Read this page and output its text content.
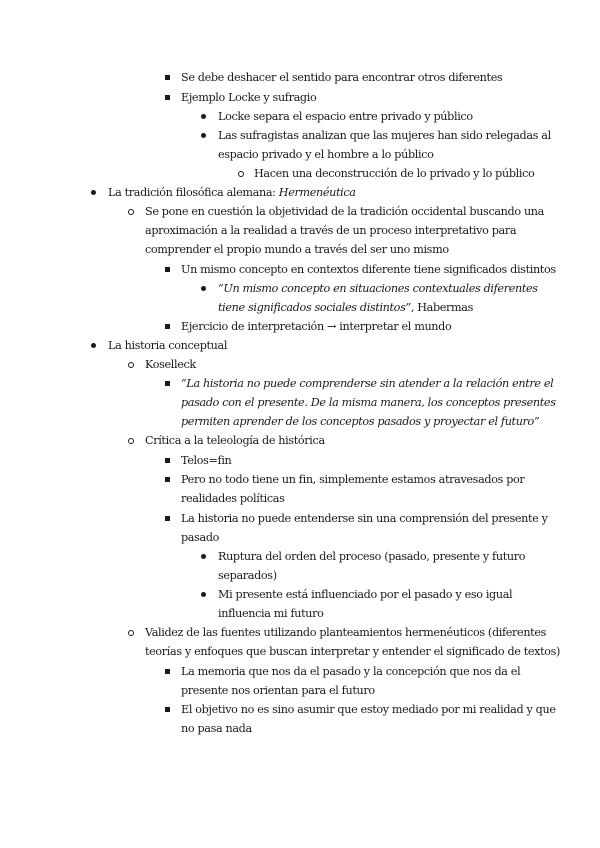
Se debe deshacer el sentido para encontrar otros diferentes
Ejemplo Locke y sufragio
Locke separa el espacio entre privado y público
Las sufragistas analizan que las mujeres han sido relegadas al
espacio privado y el hombre a lo público
Hacen una deconstrucción de lo privado y lo público
La tradición filosófica alemana: Hermenéutica
Se pone en cuestión la objetividad de la tradición occidental buscando una
aproximación a la realidad a través de un proceso interpretativo para
comprender el propio mundo a través del ser uno mismo
Un mismo concepto en contextos diferente tiene significados distintos
“Un mismo concepto en situaciones contextuales diferentes
tiene significados sociales distintos”, Habermas
Ejercicio de interpretación → interpretar el mundo
La historia conceptual
Koselleck
“La historia no puede comprenderse sin atender a la relación entre el
pasado con el presente. De la misma manera, los conceptos presentes
permiten aprender de los conceptos pasados y proyectar el futuro”
Crítica a la teleología de histórica
Telos=fin
Pero no todo tiene un fin, simplemente estamos atravesados por
realidades políticas
La historia no puede entenderse sin una comprensión del presente y
pasado
Ruptura del orden del proceso (pasado, presente y futuro
separados)
Mi presente está influenciado por el pasado y eso igual
influencia mi futuro
Validez de las fuentes utilizando planteamientos hermenéuticos (diferentes
teorías y enfoques que buscan interpretar y entender el significado de textos)
La memoria que nos da el pasado y la concepción que nos da el
presente nos orientan para el futuro
El objetivo no es sino asumir que estoy mediado por mi realidad y que
no pasa nada
